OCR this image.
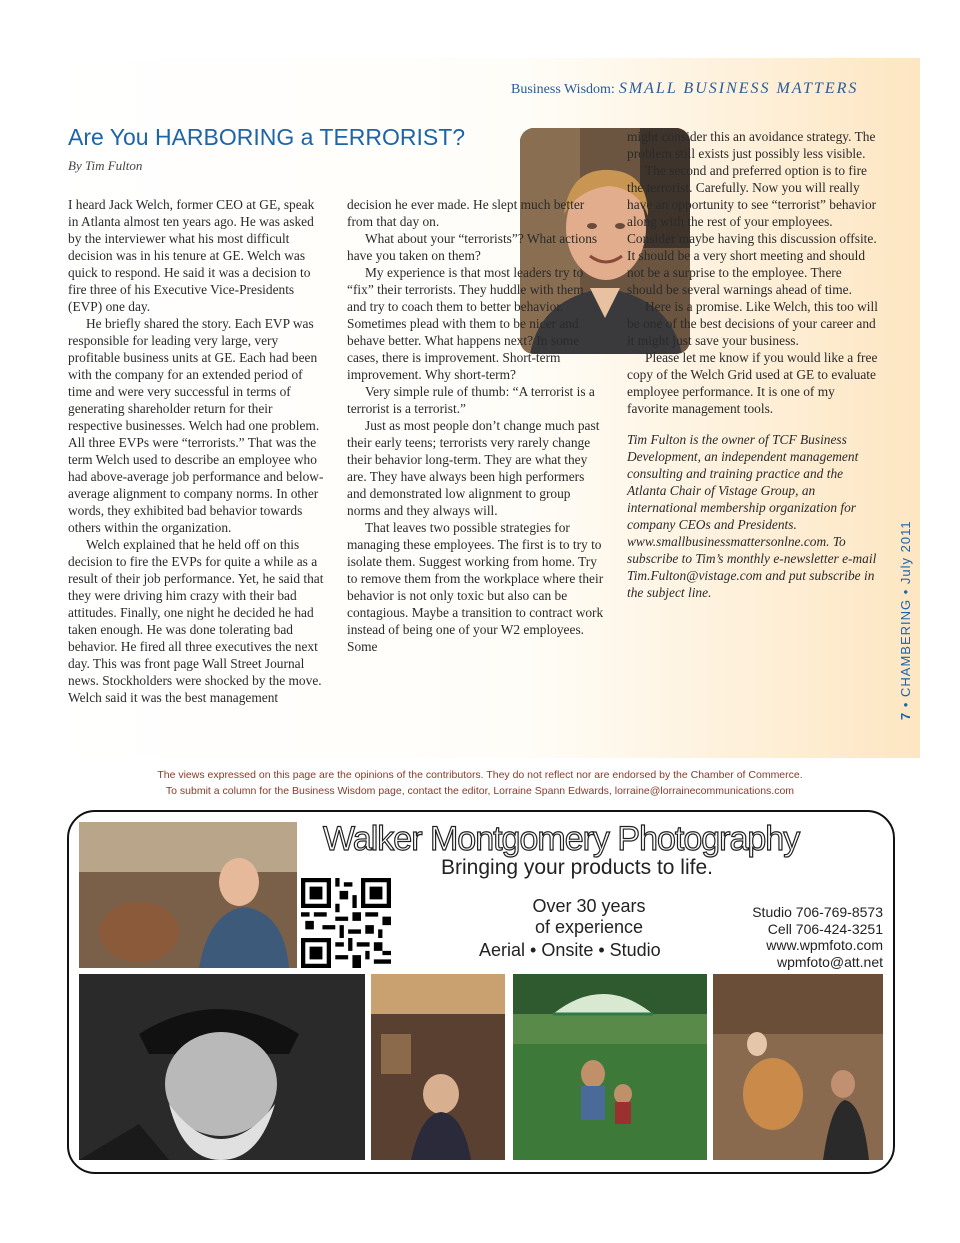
Business Wisdom: SMALL BUSINESS MATTERS
Are You HARBORING a TERRORIST?
By Tim Fulton

I heard Jack Welch, former CEO at GE, speak in Atlanta almost ten years ago. He was asked by the interviewer what his most difficult decision was in his tenure at GE. Welch was quick to respond. He said it was a decision to fire three of his Executive Vice-Presidents (EVP) one day.

He briefly shared the story. Each EVP was responsible for leading very large, very profitable business units at GE. Each had been with the company for an extended period of time and were very successful in terms of generating shareholder return for their respective businesses. Welch had one problem. All three EVPs were “terrorists.” That was the term Welch used to describe an employee who had above-average job performance and below-average alignment to company norms. In other words, they exhibited bad behavior towards others within the organization.

Welch explained that he held off on this decision to fire the EVPs for quite a while as a result of their job performance. Yet, he said that they were driving him crazy with their bad attitudes. Finally, one night he decided he had taken enough. He was done tolerating bad behavior. He fired all three executives the next day. This was front page Wall Street Journal news. Stockholders were shocked by the move. Welch said it was the best management

decision he ever made. He slept much better from that day on.

What about your “terrorists”? What actions have you taken on them?

My experience is that most leaders try to “fix” their terrorists. They huddle with them and try to coach them to better behavior. Sometimes plead with them to be nicer and behave better. What happens next? In some cases, there is improvement. Short-term improvement. Why short-term?

Very simple rule of thumb: “A terrorist is a terrorist is a terrorist.”

Just as most people don’t change much past their early teens; terrorists very rarely change their behavior long-term. They are what they are. They have always been high performers and demonstrated low alignment to group norms and they always will.

That leaves two possible strategies for managing these employees. The first is to try to isolate them. Suggest working from home. Try to remove them from the workplace where their behavior is not only toxic but also can be contagious. Maybe a transition to contract work instead of being one of your W2 employees. Some

might consider this an avoidance strategy. The problem still exists just possibly less visible.

The second and preferred option is to fire the terrorist. Carefully. Now you will really have an opportunity to see “terrorist” behavior along with the rest of your employees. Consider maybe having this discussion offsite. It should be a very short meeting and should not be a surprise to the employee. There should be several warnings ahead of time.

Here is a promise. Like Welch, this too will be one of the best decisions of your career and it might just save your business.

Please let me know if you would like a free copy of the Welch Grid used at GE to evaluate employee performance. It is one of my favorite management tools.

Tim Fulton is the owner of TCF Business Development, an independent management consulting and training practice and the Atlanta Chair of Vistage Group, an international membership organization for company CEOs and Presidents. www.smallbusinessmattersonlne.com. To subscribe to Tim’s monthly e-newsletter e-mail Tim.Fulton@vistage.com and put subscribe in the subject line.

7 • CHAMBERING • July 2011
The views expressed on this page are the opinions of the contributors. They do not reflect nor are endorsed by the Chamber of Commerce.
To submit a column for the Business Wisdom page, contact the editor, Lorraine Spann Edwards, lorraine@lorrainecommunications.com
Walker Montgomery Photography
Bringing your products to life.
Over 30 years
of experience
Aerial • Onsite • Studio
Studio 706-769-8573
Cell 706-424-3251
www.wpmfoto.com
wpmfoto@att.net
